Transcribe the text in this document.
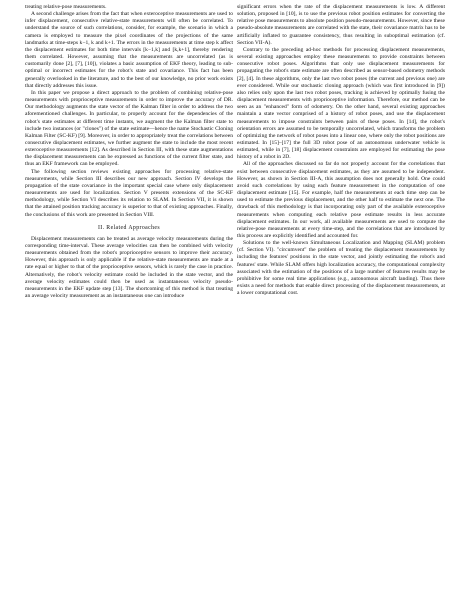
treating relative-pose measurements.

A second challenge arises from the fact that when exteroceptive measurements are used to infer displacement, consecutive relative-state measurements will often be correlated. To understand the source of such correlations, consider, for example, the scenario in which a camera is employed to measure the pixel coordinates of the projections of the same landmarks at time-steps k−1, k and k+1. The errors in the measurements at time step k affect the displacement estimates for both time intervals [k−1,k] and [k,k+1], thereby rendering them correlated. However, assuming that the measurements are uncorrelated (as is customarily done [2], [7], [10]), violates a basic assumption of EKF theory, leading to sub-optimal or incorrect estimates for the robot's state and covariance. This fact has been generally overlooked in the literature, and to the best of our knowledge, no prior work exists that directly addresses this issue.

In this paper we propose a direct approach to the problem of combining relative-pose measurements with proprioceptive measurements in order to improve the accuracy of DR. Our methodology augments the state vector of the Kalman filter in order to address the two aforementioned challenges. In particular, to properly account for the dependencies of the robot's state estimates at different time instants, we augment the the Kalman filter state to include two instances (or "clones") of the state estimate—hence the name Stochastic Cloning Kalman Filter (SC-KF) [9]. Moreover, in order to appropriately treat the correlations between consecutive displacement estimates, we further augment the state to include the most recent exteroceptive measurements [12]. As described in Section III, with these state augmentations the displacement measurements can be expressed as functions of the current filter state, and thus an EKF framework can be employed.

The following section reviews existing approaches for processing relative-state measurements, while Section III describes our new approach. Section IV develops the propagation of the state covariance in the important special case where only displacement measurements are used for localization. Section V presents extensions of the SC-KF methodology, while Section VI describes its relation to SLAM. In Section VII, it is shown that the attained position tracking accuracy is superior to that of existing approaches. Finally, the conclusions of this work are presented in Section VIII.

II. Related Approaches

Displacement measurements can be treated as average velocity measurements during the corresponding time-interval. These average velocities can then be combined with velocity measurements obtained from the robot's proprioceptive sensors to improve their accuracy. However, this approach is only applicable if the relative-state measurements are made at a rate equal or higher to that of the proprioceptive sensors, which is rarely the case in practice. Alternatively, the robot's velocity estimate could be included in the state vector, and the average velocity estimates could then be used as instantaneous velocity pseudo-measurements in the EKF update step [13]. The shortcoming of this method is that treating an average velocity measurement as an instantaneous one can introduce

significant errors when the rate of the displacement measurements is low. A different solution, proposed in [10], is to use the previous robot position estimates for converting the relative pose measurements to absolute position pseudo-measurements. However, since these pseudo-absolute measurements are correlated with the state, their covariance matrix has to be artificially inflated to guarantee consistency, thus resulting in suboptimal estimation (cf. Section VII-A).

Contrary to the preceding ad-hoc methods for processing displacement measurements, several existing approaches employ these measurements to provide constraints between consecutive robot poses. Algorithms that only use displacement measurements for propagating the robot's state estimate are often described as sensor-based odometry methods [2], [4]. In these algorithms, only the last two robot poses (the current and previous one) are ever considered. While our stochastic cloning approach (which was first introduced in [9]) also relies only upon the last two robot poses, tracking is achieved by optimally fusing the displacement measurements with proprioceptive information. Therefore, our method can be seen as an "enhanced" form of odometry. On the other hand, several existing approaches maintain a state vector comprised of a history of robot poses, and use the displacement measurements to impose constraints between pairs of these poses. In [14], the robot's orientation errors are assumed to be temporally uncorrelated, which transforms the problem of optimizing the network of robot poses into a linear one, where only the robot positions are estimated. In [15]–[17] the full 3D robot pose of an autonomous underwater vehicle is estimated, while in [7], [18] displacement constraints are employed for estimating the pose history of a robot in 2D.

All of the approaches discussed so far do not properly account for the correlations that exist between consecutive displacement estimates, as they are assumed to be independent. However, as shown in Section III-A, this assumption does not generally hold. One could avoid such correlations by using each feature measurement in the computation of one displacement estimate [15]. For example, half the measurements at each time step can be used to estimate the previous displacement, and the other half to estimate the next one. The drawback of this methodology is that incorporating only part of the available exteroceptive measurements when computing each relative pose estimate results in less accurate displacement estimates. In our work, all available measurements are used to compute the relative-pose measurements at every time-step, and the correlations that are introduced by this process are explicitly identified and accounted for.

Solutions to the well-known Simultaneous Localization and Mapping (SLAM) problem (cf. Section VI). "circumvent" the problem of treating the displacement measurements by including the features' positions in the state vector, and jointly estimating the robot's and features' state. While SLAM offers high localization accuracy, the computational complexity associated with the estimation of the positions of a large number of features results may be prohibitive for some real time applications (e.g., autonomous aircraft landing). Thus there exists a need for methods that enable direct processing of the displacement measurements, at a lower computational cost.
